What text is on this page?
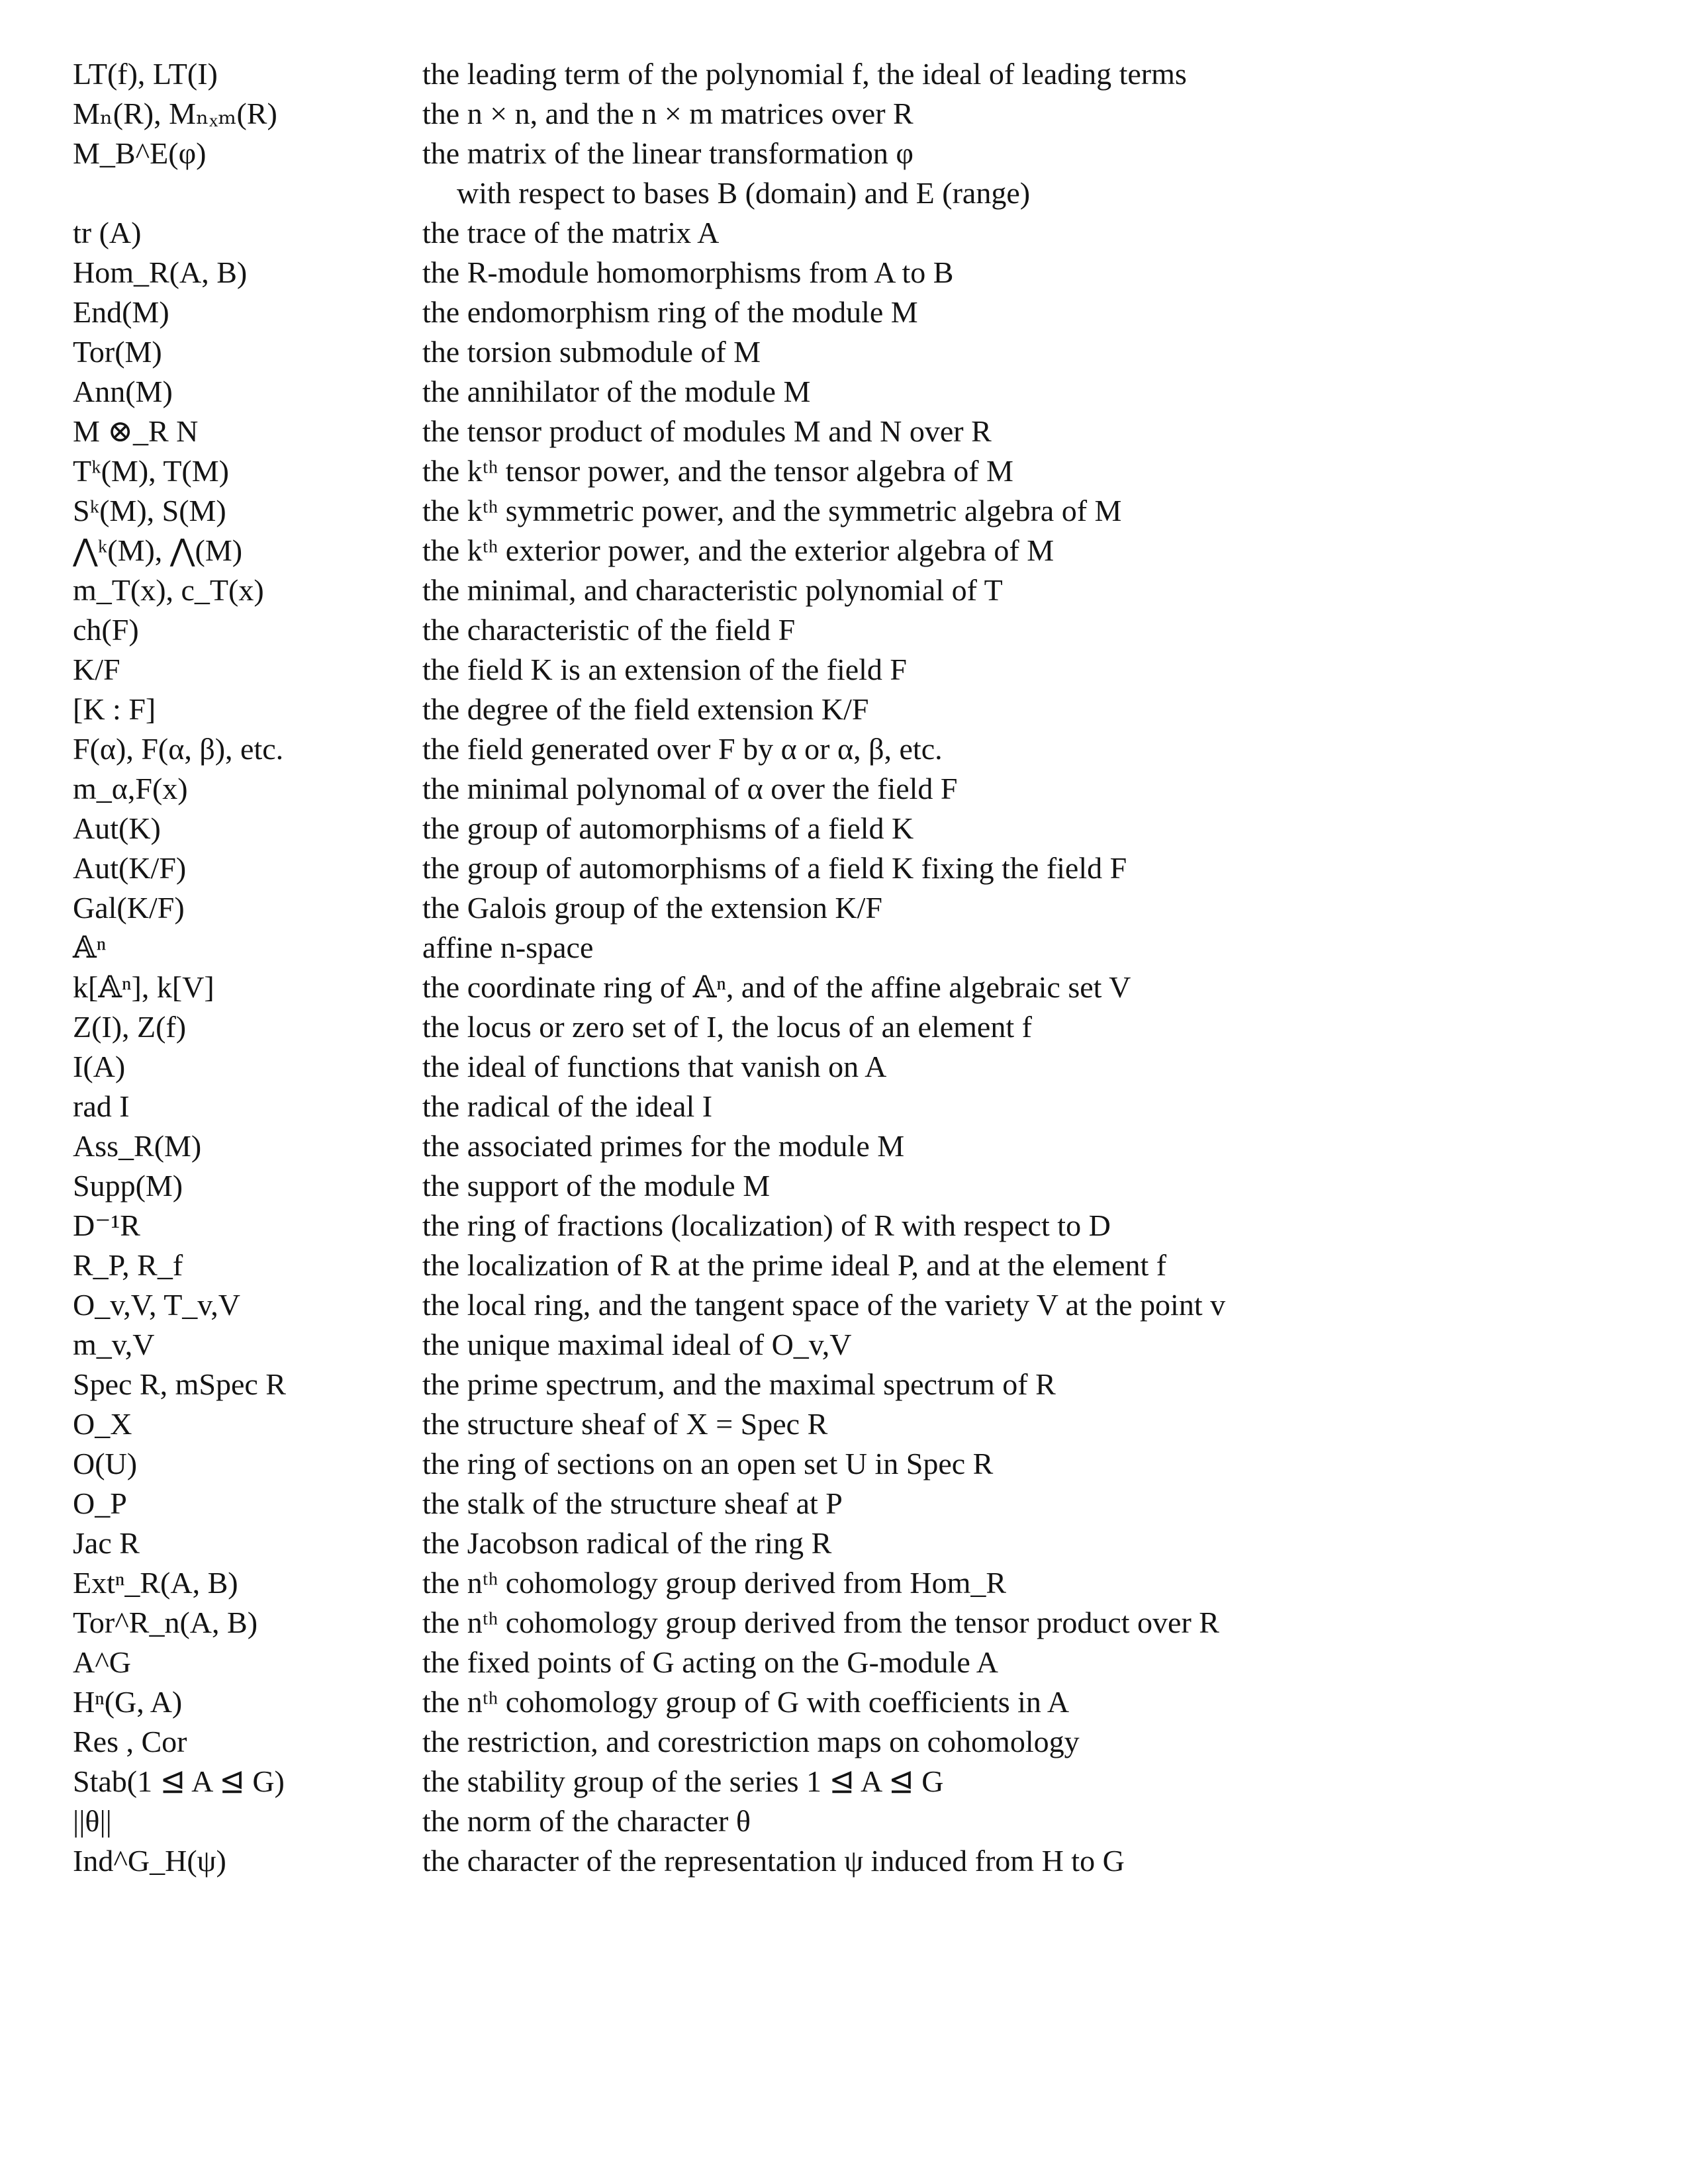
LT(f), LT(I)	the leading term of the polynomial f, the ideal of leading terms
Mₙ(R), Mₙₓₘ(R)	the n × n, and the n × m matrices over R
M_B^E(φ)	the matrix of the linear transformation φ
with respect to bases B (domain) and E (range)
tr (A)	the trace of the matrix A
Hom_R(A, B)	the R-module homomorphisms from A to B
End(M)	the endomorphism ring of the module M
Tor(M)	the torsion submodule of M
Ann(M)	the annihilator of the module M
M ⊗_R N	the tensor product of modules M and N over R
Tᵏ(M), T(M)	the kᵗʰ tensor power, and the tensor algebra of M
Sᵏ(M), S(M)	the kᵗʰ symmetric power, and the symmetric algebra of M
⋀ᵏ(M), ⋀(M)	the kᵗʰ exterior power, and the exterior algebra of M
m_T(x), c_T(x)	the minimal, and characteristic polynomial of T
ch(F)	the characteristic of the field F
K/F	the field K is an extension of the field F
[K : F]	the degree of the field extension K/F
F(α), F(α, β), etc.	the field generated over F by α or α, β, etc.
m_α,F(x)	the minimal polynomal of α over the field F
Aut(K)	the group of automorphisms of a field K
Aut(K/F)	the group of automorphisms of a field K fixing the field F
Gal(K/F)	the Galois group of the extension K/F
𝔸ⁿ	affine n-space
k[𝔸ⁿ], k[V]	the coordinate ring of 𝔸ⁿ, and of the affine algebraic set V
Z(I), Z(f)	the locus or zero set of I, the locus of an element f
I(A)	the ideal of functions that vanish on A
rad I	the radical of the ideal I
Ass_R(M)	the associated primes for the module M
Supp(M)	the support of the module M
D⁻¹R	the ring of fractions (localization) of R with respect to D
R_P, R_f	the localization of R at the prime ideal P, and at the element f
O_v,V, T_v,V	the local ring, and the tangent space of the variety V at the point v
m_v,V	the unique maximal ideal of O_v,V
Spec R, mSpec R	the prime spectrum, and the maximal spectrum of R
O_X	the structure sheaf of X = Spec R
O(U)	the ring of sections on an open set U in Spec R
O_P	the stalk of the structure sheaf at P
Jac R	the Jacobson radical of the ring R
Extⁿ_R(A, B)	the nᵗʰ cohomology group derived from Hom_R
Tor^R_n(A, B)	the nᵗʰ cohomology group derived from the tensor product over R
A^G	the fixed points of G acting on the G-module A
Hⁿ(G, A)	the nᵗʰ cohomology group of G with coefficients in A
Res , Cor	the restriction, and corestriction maps on cohomology
Stab(1 ⊴ A ⊴ G)	the stability group of the series 1 ⊴ A ⊴ G
||θ||	the norm of the character θ
Ind^G_H(ψ)	the character of the representation ψ induced from H to G
